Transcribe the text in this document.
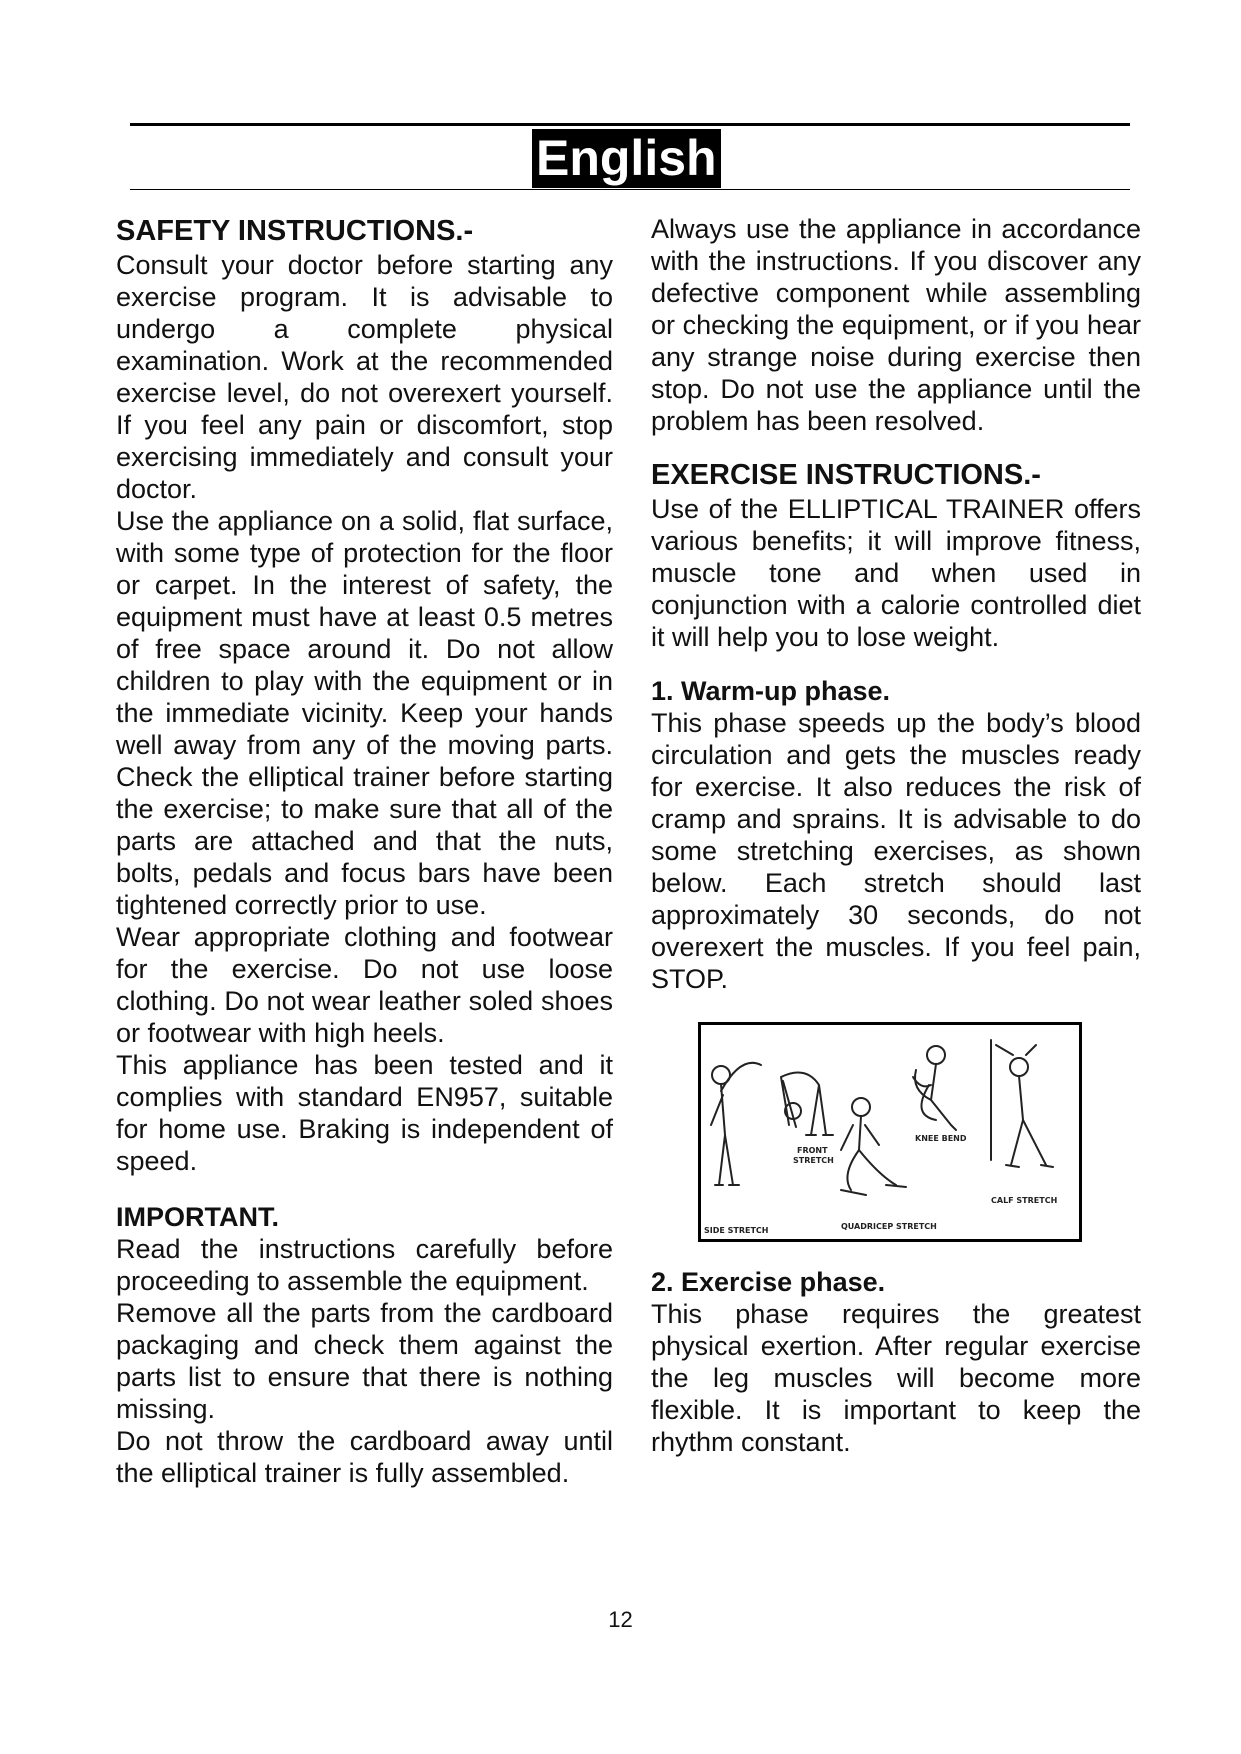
English

SAFETY INSTRUCTIONS.-

Consult your doctor before starting any exercise program. It is advisable to undergo a complete physical examination. Work at the recommended exercise level, do not overexert yourself. If you feel any pain or discomfort, stop exercising immediately and consult your doctor.

Use the appliance on a solid, flat surface, with some type of protection for the floor or carpet. In the interest of safety, the equipment must have at least 0.5 metres of free space around it. Do not allow children to play with the equipment or in the immediate vicinity. Keep your hands well away from any of the moving parts. Check the elliptical trainer before starting the exercise; to make sure that all of the parts are attached and that the nuts, bolts, pedals and focus bars have been tightened correctly prior to use.

Wear appropriate clothing and footwear for the exercise. Do not use loose clothing. Do not wear leather soled shoes or footwear with high heels.

This appliance has been tested and it complies with standard EN957, suitable for home use. Braking is independent of speed.

IMPORTANT.

Read the instructions carefully before proceeding to assemble the equipment.

Remove all the parts from the cardboard packaging and check them against the parts list to ensure that there is nothing missing.

Do not throw the cardboard away until the elliptical trainer is fully assembled.

Always use the appliance in accordance with the instructions. If you discover any defective component while assembling or checking the equipment, or if you hear any strange noise during exercise then stop. Do not use the appliance until the problem has been resolved.

EXERCISE INSTRUCTIONS.-

Use of the ELLIPTICAL TRAINER offers various benefits; it will improve fitness, muscle tone and when used in conjunction with a calorie controlled diet it will help you to lose weight.

1. Warm-up phase.

This phase speeds up the body’s blood circulation and gets the muscles ready for exercise. It also reduces the risk of cramp and sprains. It is advisable to do some stretching exercises, as shown below. Each stretch should last approximately 30 seconds, do not overexert the muscles. If you feel pain, STOP.

SIDE STRETCH
FRONT
STRETCH
QUADRICEP STRETCH
KNEE BEND
CALF STRETCH

2. Exercise phase.

This phase requires the greatest physical exertion. After regular exercise the leg muscles will become more flexible. It is important to keep the rhythm constant.

12
